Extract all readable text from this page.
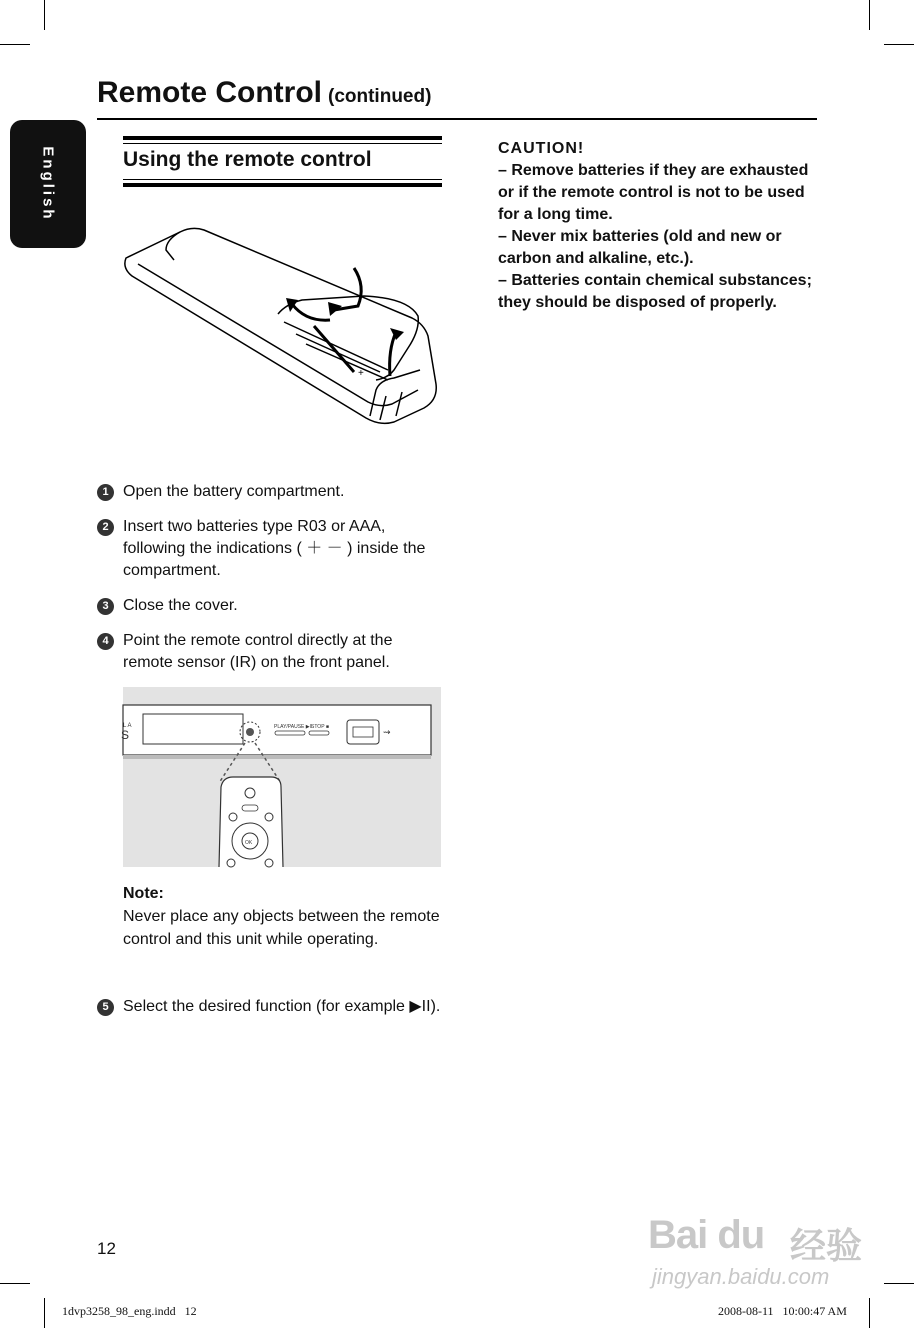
English
Remote Control (continued)
Using the remote control
+
1 Open the battery compartment.
2 Insert two batteries type R03 or AAA, following the indications ( ＋ － ) inside the compartment.
3 Close the cover.
4 Point the remote control directly at the remote sensor (IR) on the front panel.
L A
S
PLAY/PAUSE ▶II
STOP ■	⇝
OK
Note:
Never place any objects between the remote control and this unit while operating.
5 Select the desired function (for example ▶II).
CAUTION!

– Remove batteries if they are exhausted or if the remote control is not to be used for a long time.

– Never mix batteries (old and new or carbon and alkaline, etc.).

– Batteries contain chemical substances; they should be disposed of properly.

12	Bai du 经验
jingyan.baidu.com
1dvp3258_98_eng.indd   12	2008-08-11   10:00:47 AM
